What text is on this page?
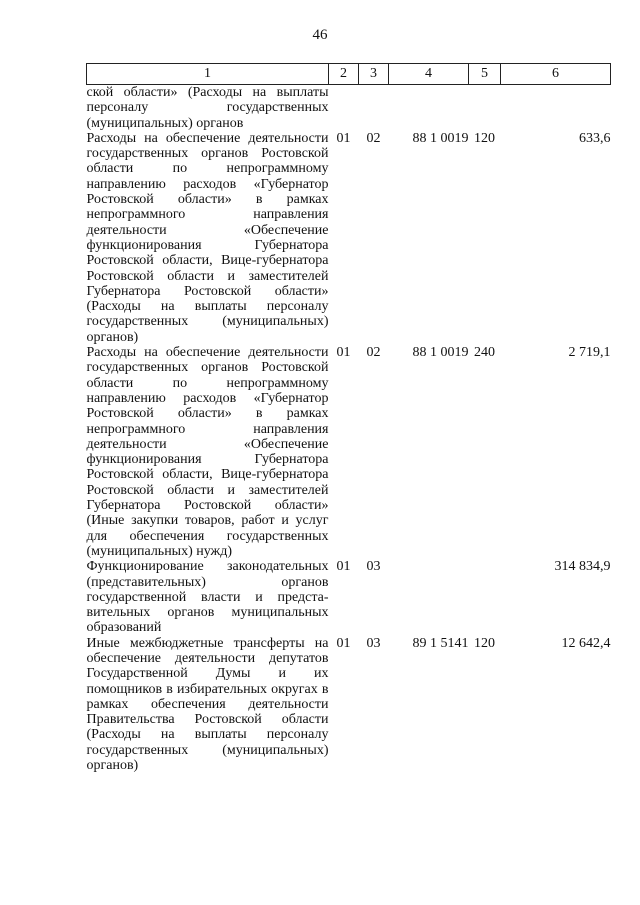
46
1	2	3	4	5	6
ской области» (Расходы на выплаты персоналу государственных (муниципальных) органов					
Расходы на обеспечение деятельности государственных органов Ростовской области по непрограммному направлению расходов «Губернатор Ростовской области» в рамках непрограммного направления деятельности «Обеспечение функционирования Губернатора Ростовской области, Вице-губернатора Ростовской области и заместителей Губернатора Ростовской области» (Расходы на выплаты персоналу государственных (муниципальных) органов)	01	02	88 1 0019	120	633,6
Расходы на обеспечение деятельности государственных органов Ростовской области по непрограммному направлению расходов «Губернатор Ростовской области» в рамках непрограммного направления деятельности «Обеспечение функционирования Губернатора Ростовской области, Вице-губернатора Ростовской области и заместителей Губернатора Ростовской области» (Иные закупки товаров, работ и услуг для обеспечения государственных (муниципальных) нужд)	01	02	88 1 0019	240	2 719,1
Функционирование законодательных (представительных) органов государственной власти и представительных органов муниципальных образований	01	03			314 834,9
Иные межбюджетные трансферты на обеспечение деятельности депутатов Государственной Думы и их помощников в избирательных округах в рамках обеспечения деятельности Правительства Ростовской области (Расходы на выплаты персоналу государственных (муниципальных) органов)	01	03	89 1 5141	120	12 642,4
